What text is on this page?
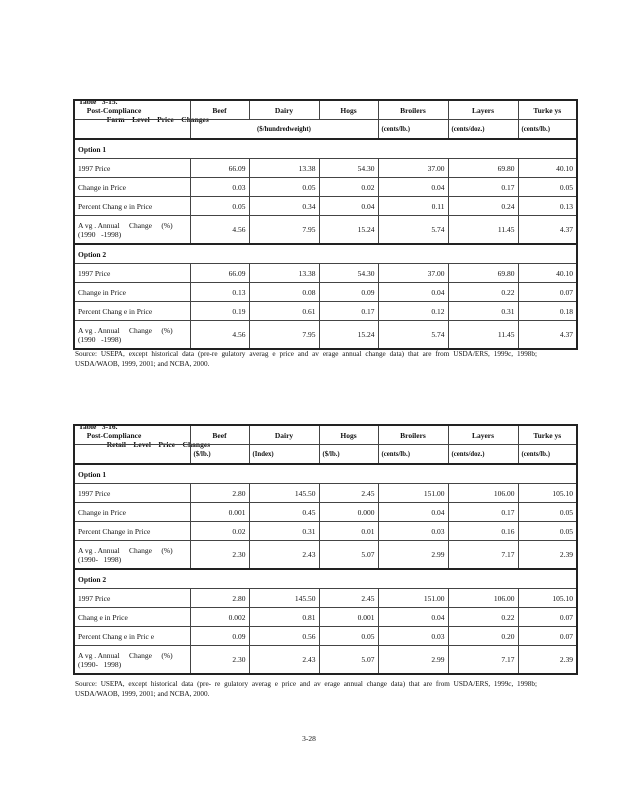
Table   3-15.
Post-Compliance
Farm    Level    Price    Changes

	Beef	Dairy	Hogs	Broilers	Layers	Turke ys
	($/hundredweight)			(cents/lb.)	(cents/doz.)	(cents/lb.)
Option 1						
1997 Price	66.09	13.38	54.30	37.00	69.80	40.10
Change in Price	0.03	0.05	0.02	0.04	0.17	0.05
Percent Chang e in Price	0.05	0.34	0.04	0.11	0.24	0.13
A vg . Annual     Change     (%)
(1990   -1998)	4.56	7.95	15.24	5.74	11.45	4.37
Option 2						
1997 Price	66.09	13.38	54.30	37.00	69.80	40.10
Change in Price	0.13	0.08	0.09	0.04	0.22	0.07
Percent Chang e in Price	0.19	0.61	0.17	0.12	0.31	0.18
A vg . Annual     Change     (%)
(1990   -1998)	4.56	7.95	15.24	5.74	11.45	4.37
Source: USEPA, except historical data (pre-re gulatory averag e price and av erage annual change data) that are from USDA/ERS, 1999c, 1998b; USDA/WAOB, 1999, 2001; and NCBA, 2000.

Table   3-16.
Post-Compliance
Retail    Level    Price    Changes

	Beef	Dairy	Hogs	Broilers	Layers	Turke ys
	($/lb.)	(Index)	($/lb.)	(cents/lb.)	(cents/doz.)	(cents/lb.)
Option 1						
1997 Price	2.80	145.50	2.45	151.00	106.00	105.10
Change in Price	0.001	0.45	0.000	0.04	0.17	0.05
Percent Change in Price	0.02	0.31	0.01	0.03	0.16	0.05
A vg . Annual     Change     (%)
(1990-   1998)	2.30	2.43	5.07	2.99	7.17	2.39
Option 2						
1997 Price	2.80	145.50	2.45	151.00	106.00	105.10
Chang e in Price	0.002	0.81	0.001	0.04	0.22	0.07
Percent Chang e in Pric e	0.09	0.56	0.05	0.03	0.20	0.07
A vg . Annual     Change     (%)
(1990-   1998)	2.30	2.43	5.07	2.99	7.17	2.39
Source: USEPA, except historical data (pre- re gulatory averag e price and av erage annual change data) that are from USDA/ERS, 1999c, 1998b; USDA/WAOB, 1999, 2001; and NCBA, 2000.
3-28
